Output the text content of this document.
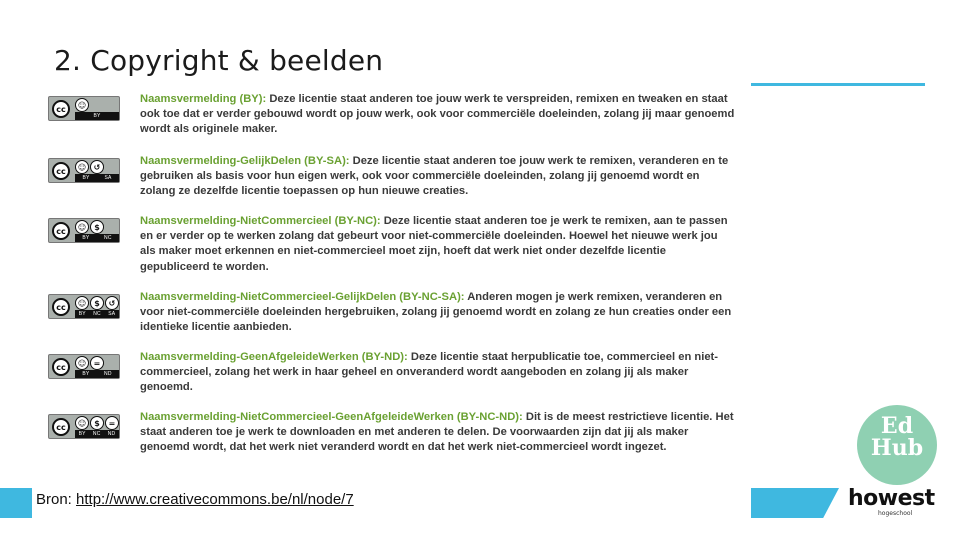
2. Copyright & beelden
cc	☺
BY
Naamsvermelding (BY): Deze licentie staat anderen toe jouw werk te verspreiden, remixen en tweaken en staat ook toe dat er verder gebouwd wordt op jouw werk, ook voor commerciële doeleinden, zolang jij maar genoemd wordt als originele maker.
cc	☺ ↺
BY	SA
Naamsvermelding-GelijkDelen (BY-SA): Deze licentie staat anderen toe jouw werk te remixen, veranderen en te gebruiken als basis voor hun eigen werk, ook voor commerciële doeleinden, zolang jij genoemd wordt en zolang ze dezelfde licentie toepassen op hun nieuwe creaties.
cc	☺	$
BY	NC
Naamsvermelding-NietCommercieel (BY-NC): Deze licentie staat anderen toe je werk te remixen, aan te passen en er verder op te werken zolang dat gebeurt voor niet-commerciële doeleinden. Hoewel het nieuwe werk jou als maker moet erkennen en niet-commercieel moet zijn, hoeft dat werk niet onder dezelfde licentie gepubliceerd te worden.
cc	☺	$	↺
BY NC SA
Naamsvermelding-NietCommercieel-GelijkDelen (BY-NC-SA): Anderen mogen je werk remixen, veranderen en voor niet-commerciële doeleinden hergebruiken, zolang jij genoemd wordt en zolang ze hun creaties onder een identieke licentie aanbieden.
cc	☺ =
BY	ND
Naamsvermelding-GeenAfgeleideWerken (BY-ND): Deze licentie staat herpublicatie toe, commercieel en niet-commercieel, zolang het werk in haar geheel en onveranderd wordt aangeboden en zolang jij als maker genoemd.
cc	☺	$	=
BY NC ND
Naamsvermelding-NietCommercieel-GeenAfgeleideWerken (BY-NC-ND): Dit is de meest restrictieve licentie. Het staat anderen toe je werk te downloaden en met anderen te delen. De voorwaarden zijn dat jij als maker genoemd wordt, dat het werk niet veranderd wordt en dat het werk niet-commercieel wordt ingezet.
Bron: http://www.creativecommons.be/nl/node/7
Ed
Hub
howest
hogeschool
